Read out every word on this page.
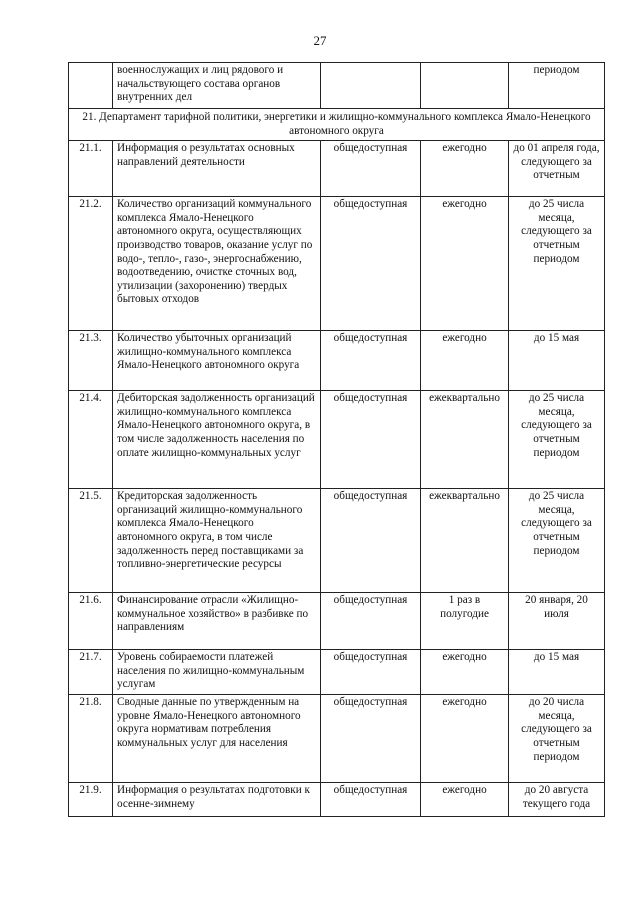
27
	военнослужащих и лиц рядового и начальствующего состава органов внутренних дел			периодом
21. Департамент тарифной политики, энергетики и жилищно-коммунального комплекса Ямало-Ненецкого автономного округа				
21.1.	Информация о результатах основных направлений деятельности	общедоступная	ежегодно	до 01 апреля года, следующего за отчетным
21.2.	Количество организаций коммунального комплекса Ямало-Ненецкого автономного округа, осуществляющих производство товаров, оказание услуг по водо-, тепло-, газо-, энергоснабжению, водоотведению, очистке сточных вод, утилизации (захоронению) твердых бытовых отходов	общедоступная	ежегодно	до 25 числа месяца, следующего за отчетным периодом
21.3.	Количество убыточных организаций жилищно-коммунального комплекса Ямало-Ненецкого автономного округа	общедоступная	ежегодно	до 15 мая
21.4.	Дебиторская задолженность организаций жилищно-коммунального комплекса Ямало-Ненецкого автономного округа, в том числе задолженность населения по оплате жилищно-коммунальных услуг	общедоступная	ежеквартально	до 25 числа месяца, следующего за отчетным периодом
21.5.	Кредиторская задолженность организаций жилищно-коммунального комплекса Ямало-Ненецкого автономного округа, в том числе задолженность перед поставщиками за топливно-энергетические ресурсы	общедоступная	ежеквартально	до 25 числа месяца, следующего за отчетным периодом
21.6.	Финансирование отрасли «Жилищно-коммунальное хозяйство» в разбивке по направлениям	общедоступная	1 раз в полугодие	20 января, 20 июля
21.7.	Уровень собираемости платежей населения по жилищно-коммунальным услугам	общедоступная	ежегодно	до 15 мая
21.8.	Сводные данные по утвержденным на уровне Ямало-Ненецкого автономного округа нормативам потребления коммунальных услуг для населения	общедоступная	ежегодно	до 20 числа месяца, следующего за отчетным периодом
21.9.	Информация о результатах подготовки к осенне-зимнему	общедоступная	ежегодно	до 20 августа текущего года
